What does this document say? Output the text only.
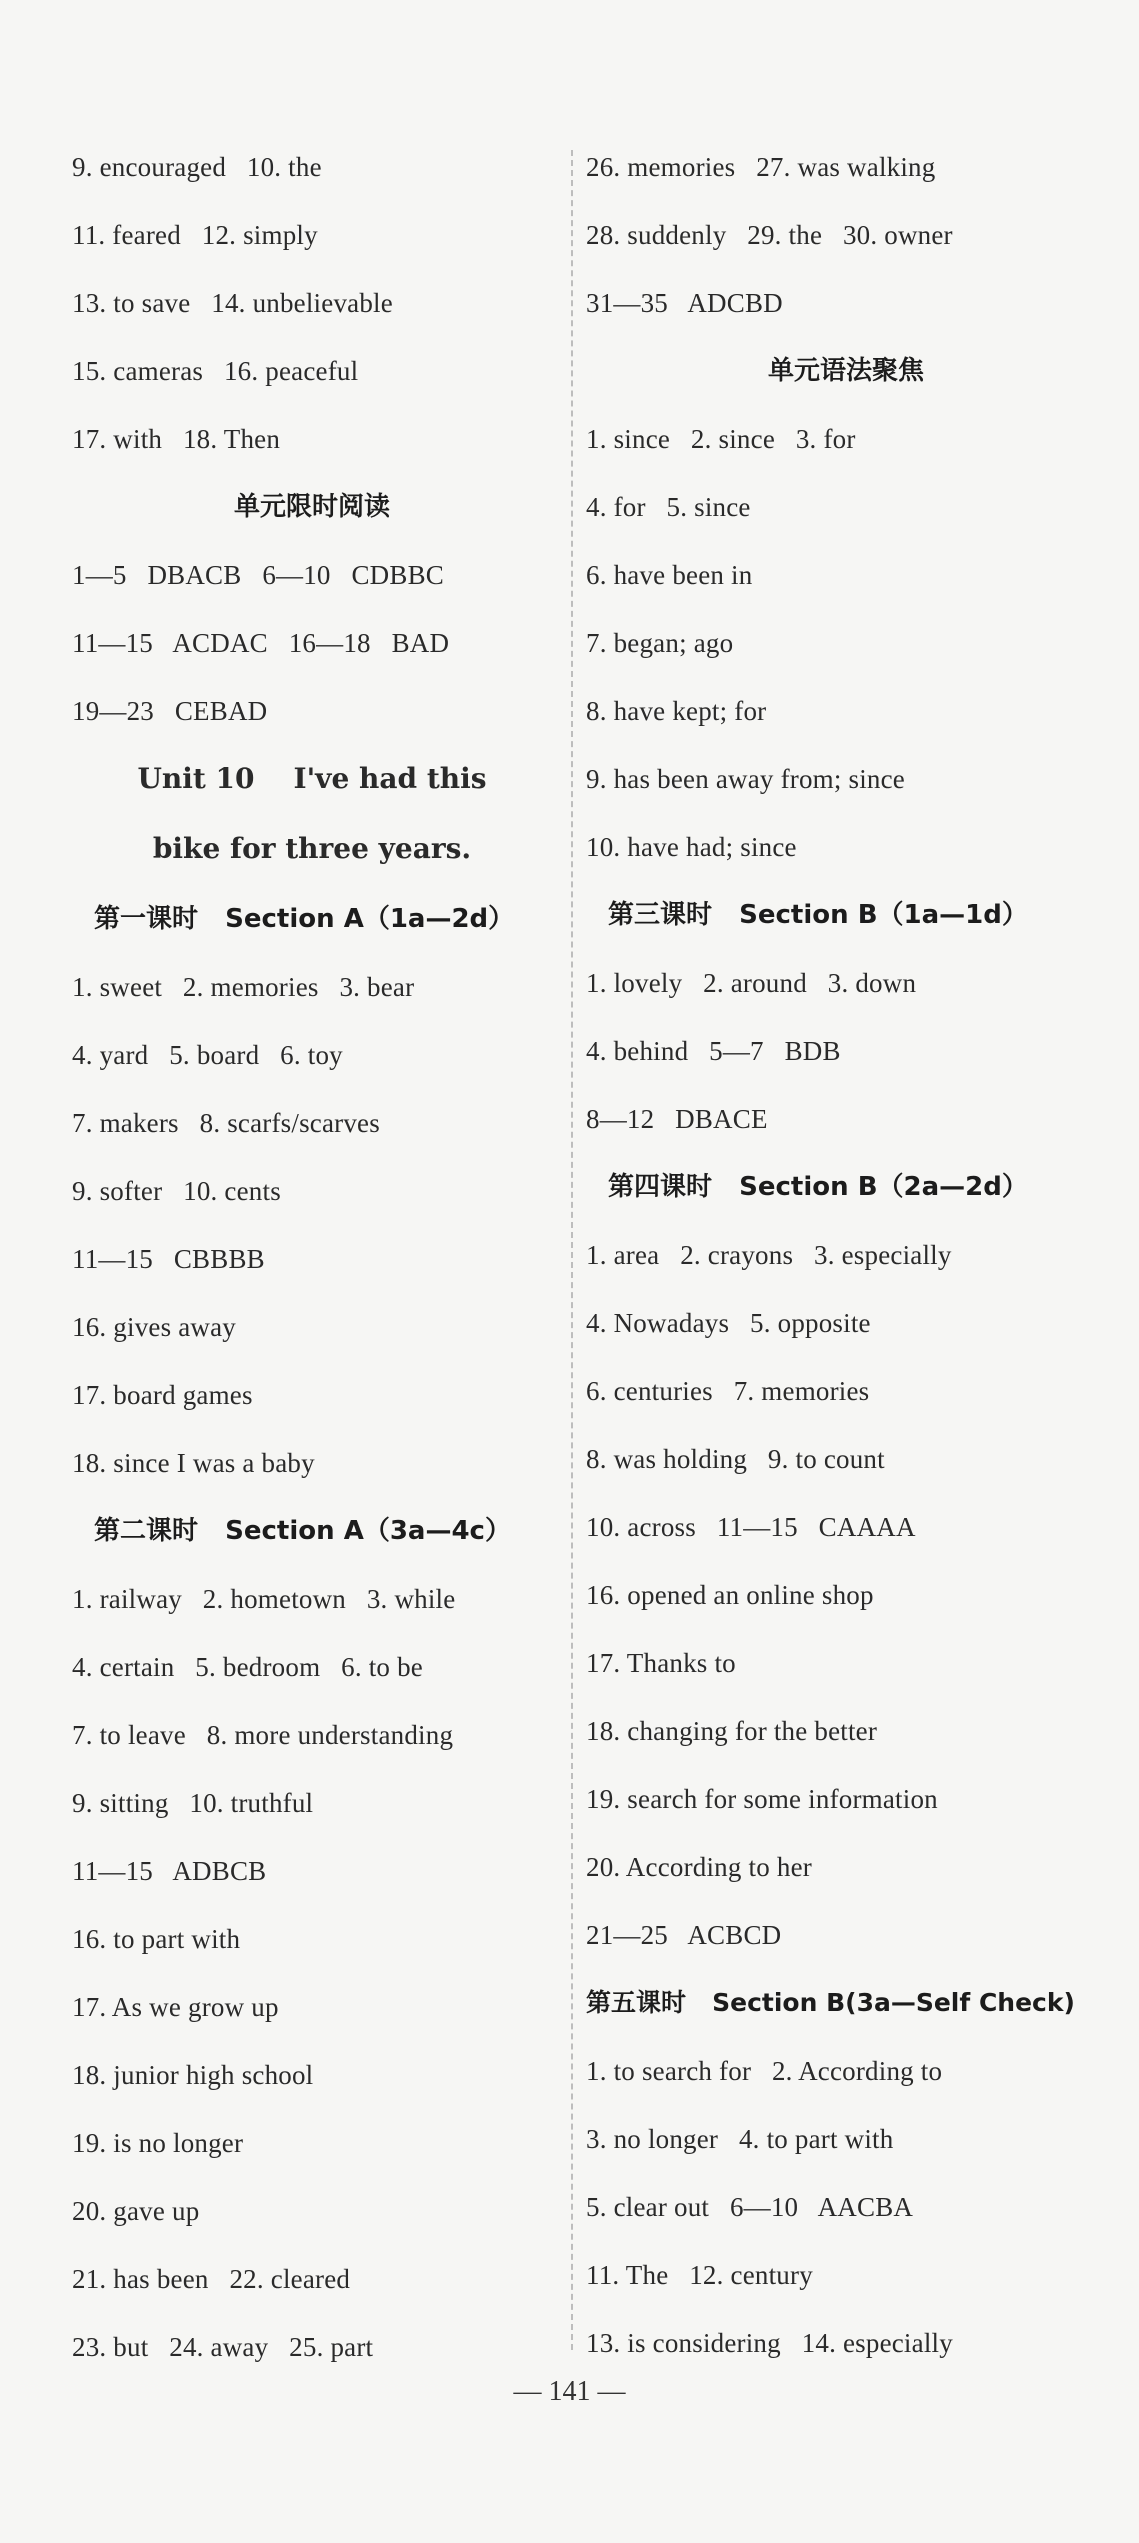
9. encouraged   10. the
11. feared   12. simply
13. to save   14. unbelievable
15. cameras   16. peaceful
17. with   18. Then
单元限时阅读
1—5   DBACB   6—10   CDBBC
11—15   ACDAC   16—18   BAD
19—23   CEBAD
Unit 10    I've had this
bike for three years.
第一课时   Section A（1a—2d）
1. sweet   2. memories   3. bear
4. yard   5. board   6. toy
7. makers   8. scarfs/scarves
9. softer   10. cents
11—15   CBBBB
16. gives away
17. board games
18. since I was a baby
第二课时   Section A（3a—4c）
1. railway   2. hometown   3. while
4. certain   5. bedroom   6. to be
7. to leave   8. more understanding
9. sitting   10. truthful
11—15   ADBCB
16. to part with
17. As we grow up
18. junior high school
19. is no longer
20. gave up
21. has been   22. cleared
23. but   24. away   25. part
26. memories   27. was walking
28. suddenly   29. the   30. owner
31—35   ADCBD
单元语法聚焦
1. since   2. since   3. for
4. for   5. since
6. have been in
7. began; ago
8. have kept; for
9. has been away from; since
10. have had; since
第三课时   Section B（1a—1d）
1. lovely   2. around   3. down
4. behind   5—7   BDB
8—12   DBACE
第四课时   Section B（2a—2d）
1. area   2. crayons   3. especially
4. Nowadays   5. opposite
6. centuries   7. memories
8. was holding   9. to count
10. across   11—15   CAAAA
16. opened an online shop
17. Thanks to
18. changing for the better
19. search for some information
20. According to her
21—25   ACBCD
第五课时   Section B(3a—Self Check)
1. to search for   2. According to
3. no longer   4. to part with
5. clear out   6—10   AACBA
11. The   12. century
13. is considering   14. especially
— 141 —
